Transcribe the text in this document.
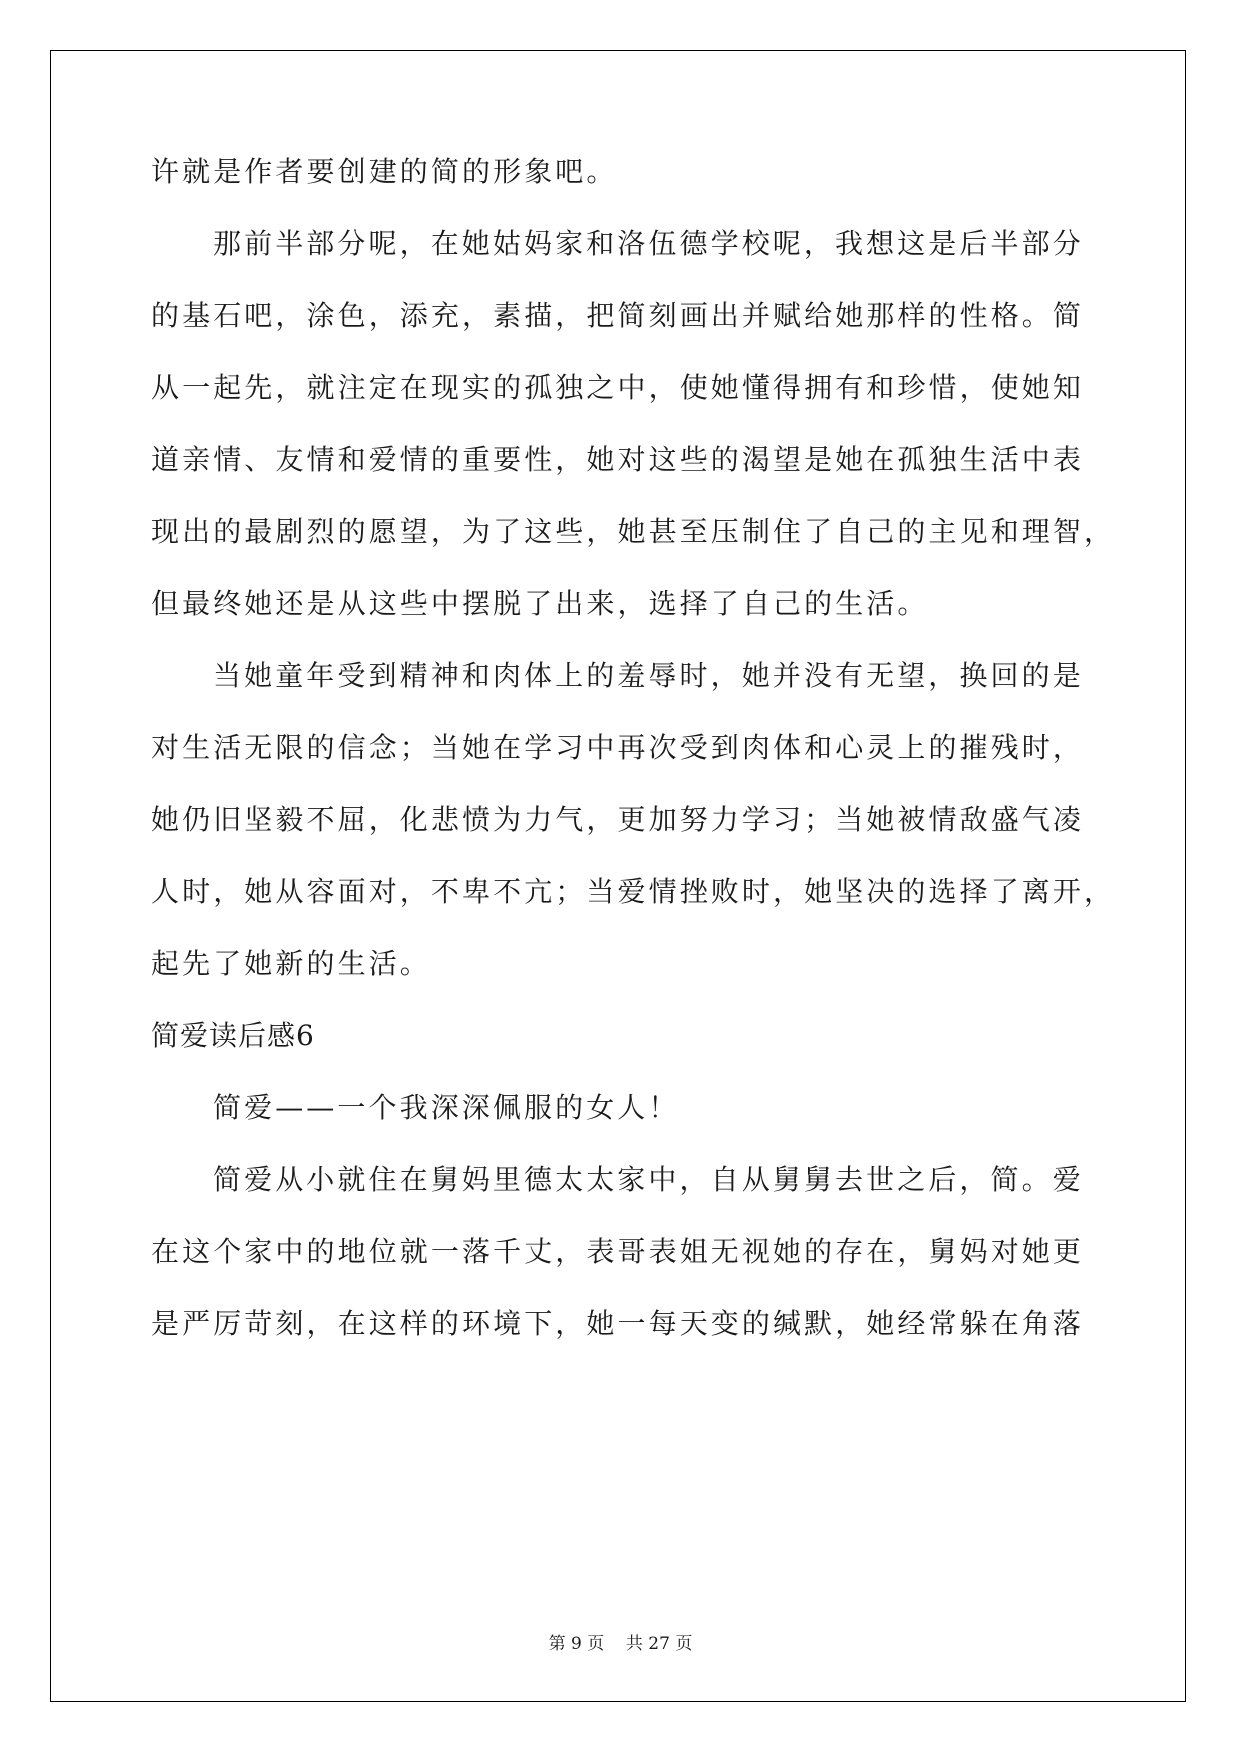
许就是作者要创建的简的形象吧。
那前半部分呢，在她姑妈家和洛伍德学校呢，我想这是后半部分
的基石吧，涂色，添充，素描，把简刻画出并赋给她那样的性格。简
从一起先，就注定在现实的孤独之中，使她懂得拥有和珍惜，使她知
道亲情、友情和爱情的重要性，她对这些的渴望是她在孤独生活中表
现出的最剧烈的愿望，为了这些，她甚至压制住了自己的主见和理智，
但最终她还是从这些中摆脱了出来，选择了自己的生活。
当她童年受到精神和肉体上的羞辱时，她并没有无望，换回的是
对生活无限的信念；当她在学习中再次受到肉体和心灵上的摧残时，
她仍旧坚毅不屈，化悲愤为力气，更加努力学习；当她被情敌盛气凌
人时，她从容面对，不卑不亢；当爱情挫败时，她坚决的选择了离开，
起先了她新的生活。
简爱读后感6
简爱——一个我深深佩服的女人！
简爱从小就住在舅妈里德太太家中，自从舅舅去世之后，简。爱
在这个家中的地位就一落千丈，表哥表姐无视她的存在，舅妈对她更
是严厉苛刻，在这样的环境下，她一每天变的缄默，她经常躲在角落
第 9 页    共 27 页
